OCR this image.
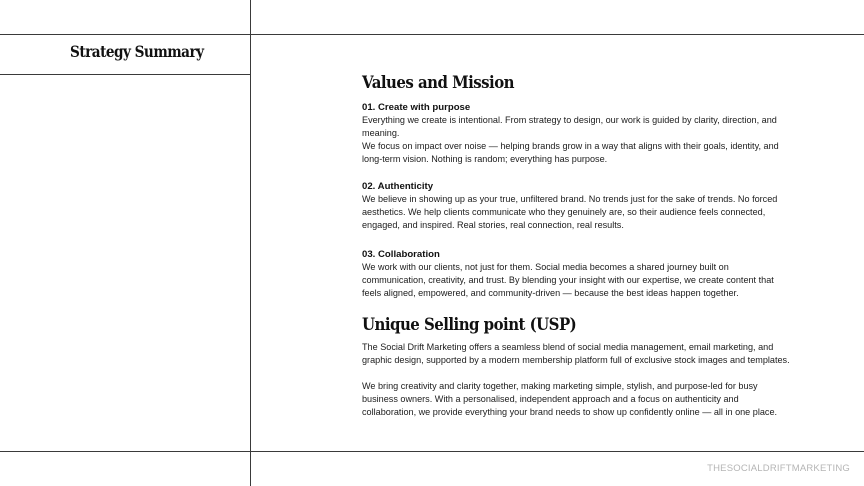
Strategy Summary
Values and Mission

01. Create with purpose

Everything we create is intentional. From strategy to design, our work is guided by clarity, direction, and

meaning.

We focus on impact over noise — helping brands grow in a way that aligns with their goals, identity, and

long-term vision. Nothing is random; everything has purpose.

02. Authenticity

We believe in showing up as your true, unfiltered brand. No trends just for the sake of trends. No forced

aesthetics. We help clients communicate who they genuinely are, so their audience feels connected,

engaged, and inspired. Real stories, real connection, real results.

03. Collaboration

We work with our clients, not just for them. Social media becomes a shared journey built on

communication, creativity, and trust. By blending your insight with our expertise, we create content that

feels aligned, empowered, and community-driven — because the best ideas happen together.

Unique Selling point (USP)

The Social Drift Marketing offers a seamless blend of social media management, email marketing, and

graphic design, supported by a modern membership platform full of exclusive stock images and templates.

We bring creativity and clarity together, making marketing simple, stylish, and purpose-led for busy

business owners. With a personalised, independent approach and a focus on authenticity and

collaboration, we provide everything your brand needs to show up confidently online — all in one place.

THESOCIALDRIFTMARKETING
